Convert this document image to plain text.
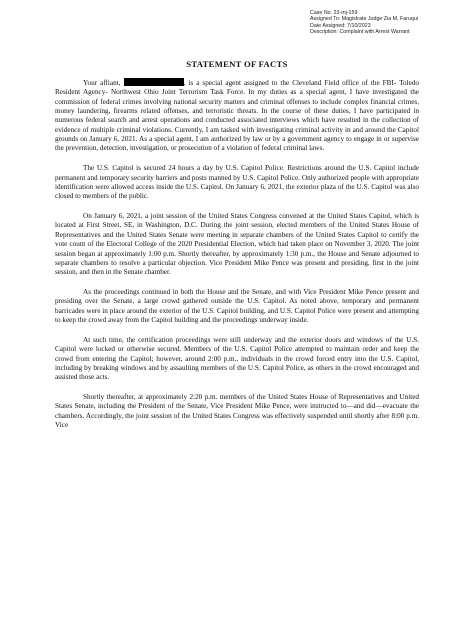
Case No. 23-mj-159
Assigned To: Magistrate Judge Zia M. Faruqui
Date Assigned: 7/10/2023
Description: Complaint with Arrest Warrant
STATEMENT OF FACTS

Your affiant,	, is a special agent assigned to the Cleveland Field office of the FBI- Toledo Resident Agency- Northwest Ohio Joint Terrorism Task Force. In my duties as a special agent, I have investigated the commission of federal crimes involving national security matters and criminal offenses to include complex financial crimes, money laundering, firearms related offenses, and terroristic threats. In the course of these duties, I have participated in numerous federal search and arrest operations and conducted associated interviews which have resulted in the collection of evidence of multiple criminal violations. Currently, I am tasked with investigating criminal activity in and around the Capitol grounds on January 6, 2021. As a special agent, I am authorized by law or by a government agency to engage in or supervise the prevention, detection, investigation, or prosecution of a violation of federal criminal laws.

The U.S. Capitol is secured 24 hours a day by U.S. Capitol Police. Restrictions around the U.S. Capitol include permanent and temporary security barriers and posts manned by U.S. Capitol Police. Only authorized people with appropriate identification were allowed access inside the U.S. Capitol. On January 6, 2021, the exterior plaza of the U.S. Capitol was also closed to members of the public.

On January 6, 2021, a joint session of the United States Congress convened at the United States Capitol, which is located at First Street, SE, in Washington, D.C. During the joint session, elected members of the United States House of Representatives and the United States Senate were meeting in separate chambers of the United States Capitol to certify the vote count of the Electoral College of the 2020 Presidential Election, which had taken place on November 3, 2020. The joint session began at approximately 1:00 p.m. Shortly thereafter, by approximately 1:30 p.m., the House and Senate adjourned to separate chambers to resolve a particular objection. Vice President Mike Pence was present and presiding, first in the joint session, and then in the Senate chamber.

As the proceedings continued in both the House and the Senate, and with Vice President Mike Pence present and presiding over the Senate, a large crowd gathered outside the U.S. Capitol. As noted above, temporary and permanent barricades were in place around the exterior of the U.S. Capitol building, and U.S. Capitol Police were present and attempting to keep the crowd away from the Capitol building and the proceedings underway inside.

At such time, the certification proceedings were still underway and the exterior doors and windows of the U.S. Capitol were locked or otherwise secured. Members of the U.S. Capitol Police attempted to maintain order and keep the crowd from entering the Capitol; however, around 2:00 p.m., individuals in the crowd forced entry into the U.S. Capitol, including by breaking windows and by assaulting members of the U.S. Capitol Police, as others in the crowd encouraged and assisted those acts.

Shortly thereafter, at approximately 2:20 p.m. members of the United States House of Representatives and United States Senate, including the President of the Senate, Vice President Mike Pence, were instructed to—and did—evacuate the chambers. Accordingly, the joint session of the United States Congress was effectively suspended until shortly after 8:00 p.m. Vice
